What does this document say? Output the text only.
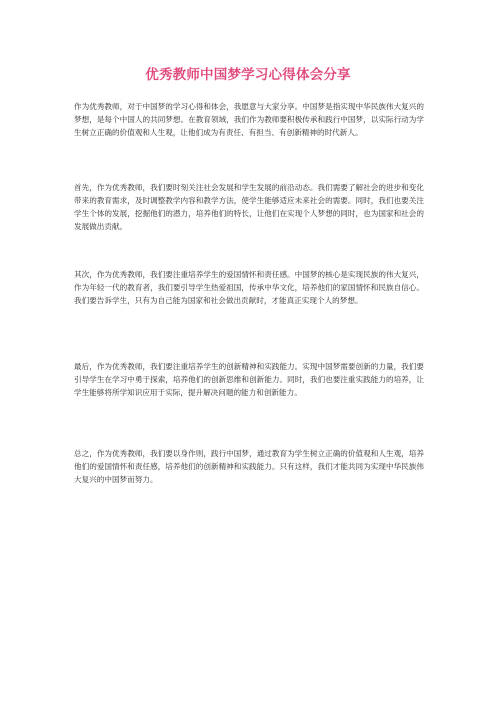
优秀教师中国梦学习心得体会分享

作为优秀教师，对于中国梦的学习心得和体会，我愿意与大家分享。中国梦是指实现中华民族伟大复兴的梦想，是每个中国人的共同梦想。在教育领域，我们作为教师要积极传承和践行中国梦，以实际行动为学生树立正确的价值观和人生观，让他们成为有责任、有担当、有创新精神的时代新人。

首先，作为优秀教师，我们要时刻关注社会发展和学生发展的前沿动态。我们需要了解社会的进步和变化带来的教育需求，及时调整教学内容和教学方法，使学生能够适应未来社会的需要。同时，我们也要关注学生个体的发展，挖掘他们的潜力，培养他们的特长，让他们在实现个人梦想的同时，也为国家和社会的发展做出贡献。

其次，作为优秀教师，我们要注重培养学生的爱国情怀和责任感。中国梦的核心是实现民族的伟大复兴，作为年轻一代的教育者，我们要引导学生热爱祖国，传承中华文化，培养他们的家国情怀和民族自信心。我们要告诉学生，只有为自己能为国家和社会做出贡献时，才能真正实现个人的梦想。

最后，作为优秀教师，我们要注重培养学生的创新精神和实践能力。实现中国梦需要创新的力量，我们要引导学生在学习中勇于探索，培养他们的创新思维和创新能力。同时，我们也要注重实践能力的培养，让学生能够将所学知识应用于实际，提升解决问题的能力和创新能力。

总之，作为优秀教师，我们要以身作则，践行中国梦，通过教育为学生树立正确的价值观和人生观，培养他们的爱国情怀和责任感，培养他们的创新精神和实践能力。只有这样，我们才能共同为实现中华民族伟大复兴的中国梦而努力。
